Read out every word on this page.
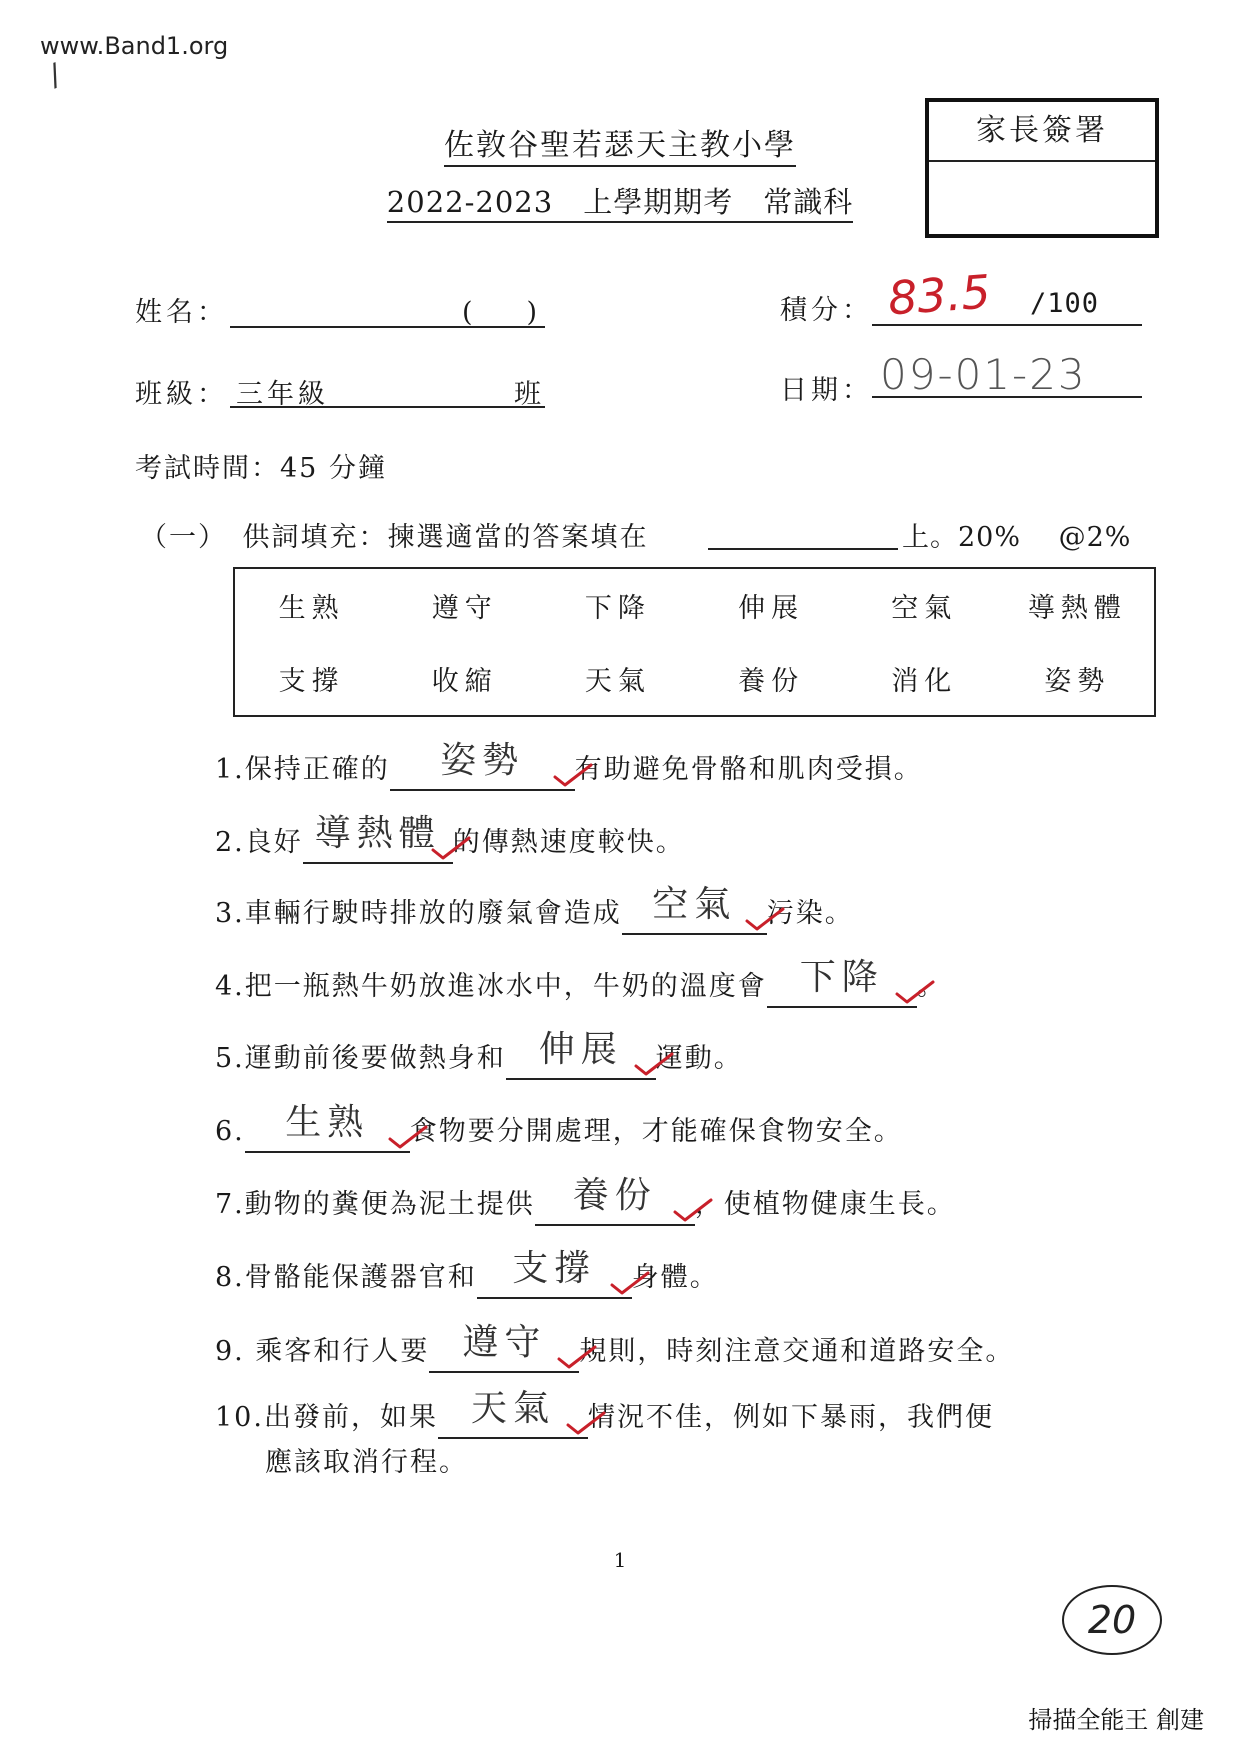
www.Band1.org
/
佐敦谷聖若瑟天主教小學
2022-2023　上學期期考　常識科
家長簽署
姓名：	(　　)	積分： 83.5 /100
班級： 三年級	班	日期： 09-01-23
考試時間：45 分鐘
（一）　供詞填充：揀選適當的答案填在	上。20%　 @2%
生熟	遵守	下降	伸展	空氣	導熱體
支撐	收縮	天氣	養份	消化	姿勢
1.保持正確的 姿勢 有助避免骨骼和肌肉受損。
2.良好 導熱體 的傳熱速度較快。
3.車輛行駛時排放的廢氣會造成 空氣 污染。
4.把一瓶熱牛奶放進冰水中，牛奶的溫度會 下降 。
5.運動前後要做熱身和 伸展 運動。
6. 生熟 食物要分開處理，才能確保食物安全。
7.動物的糞便為泥土提供 養份 ，使植物健康生長。
8.骨骼能保護器官和 支撐 身體。
9. 乘客和行人要 遵守 規則，時刻注意交通和道路安全。
10.出發前，如果 天氣 情況不佳，例如下暴雨，我們便
應該取消行程。
1
20
掃描全能王 創建
